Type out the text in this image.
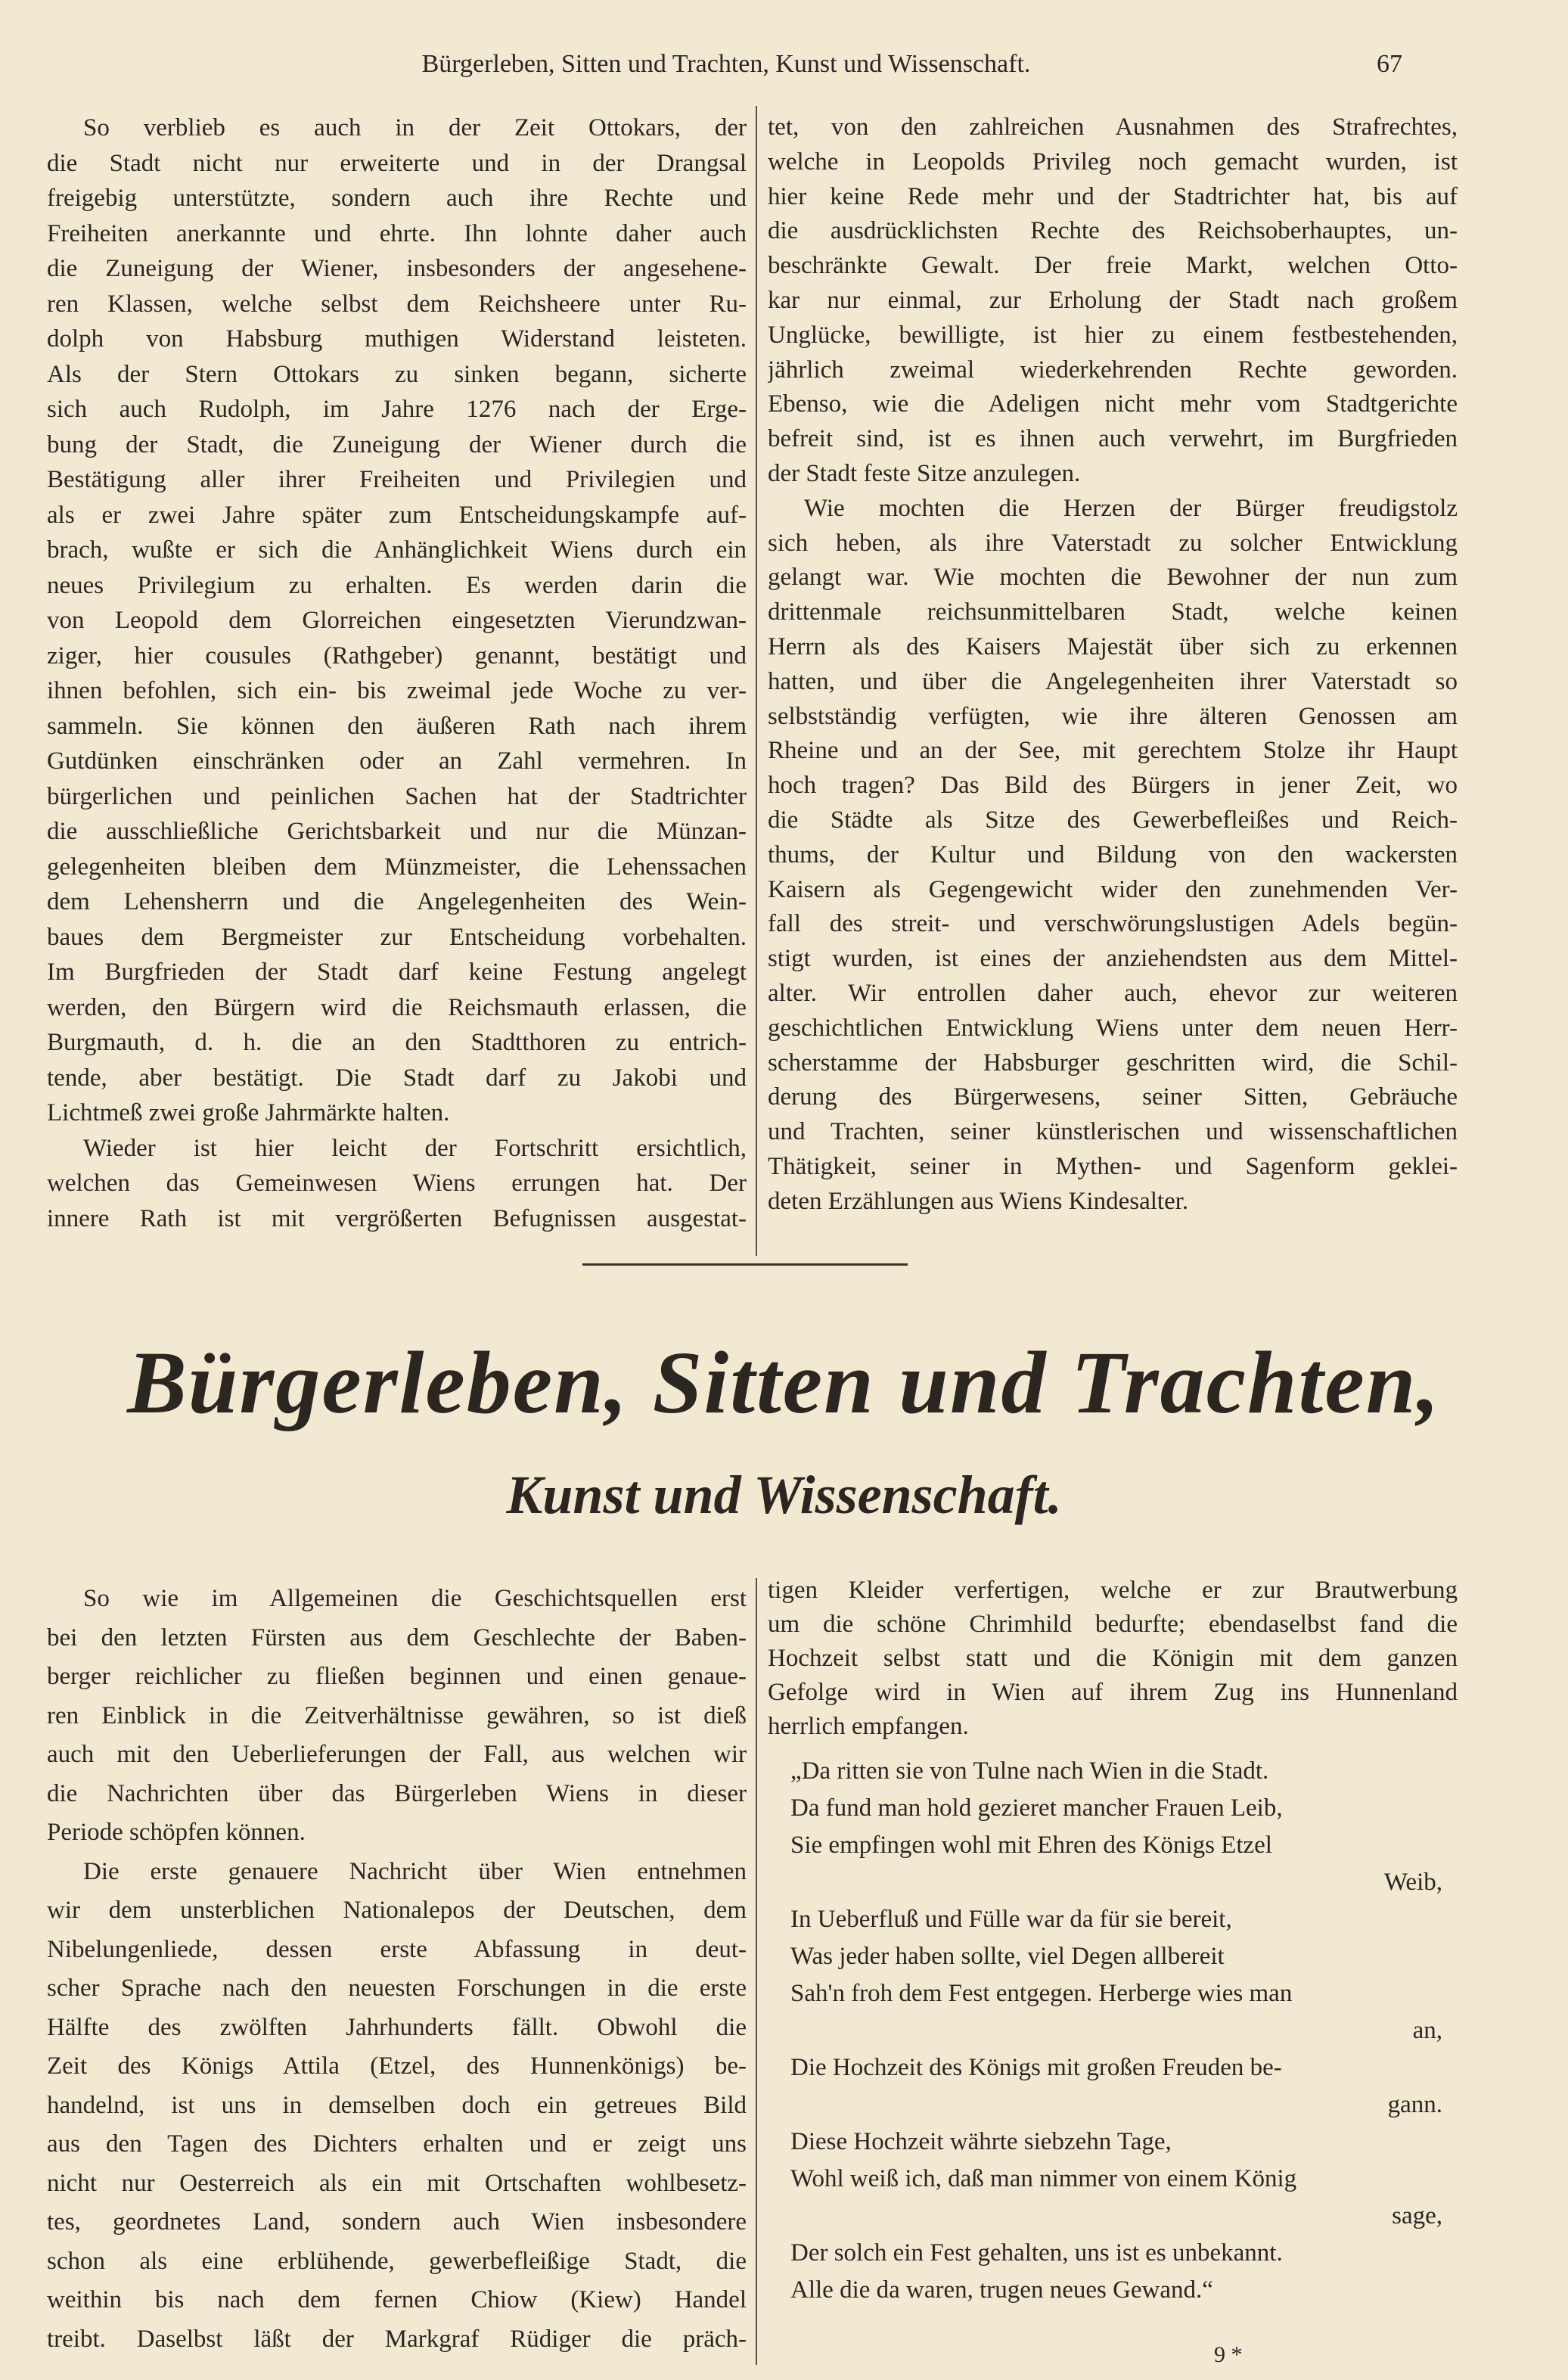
Bürgerleben, Sitten und Trachten, Kunst und Wissenschaft.	67
So verblieb es auch in der Zeit Ottokars, der
die Stadt nicht nur erweiterte und in der Drangsal
freigebig unterstützte, sondern auch ihre Rechte und
Freiheiten anerkannte und ehrte. Ihn lohnte daher auch
die Zuneigung der Wiener, insbesonders der angesehene-
ren Klassen, welche selbst dem Reichsheere unter Ru-
dolph von Habsburg muthigen Widerstand leisteten.
Als der Stern Ottokars zu sinken begann, sicherte
sich auch Rudolph, im Jahre 1276 nach der Erge-
bung der Stadt, die Zuneigung der Wiener durch die
Bestätigung aller ihrer Freiheiten und Privilegien und
als er zwei Jahre später zum Entscheidungskampfe auf-
brach, wußte er sich die Anhänglichkeit Wiens durch ein
neues Privilegium zu erhalten. Es werden darin die
von Leopold dem Glorreichen eingesetzten Vierundzwan-
ziger, hier cousules (Rathgeber) genannt, bestätigt und
ihnen befohlen, sich ein- bis zweimal jede Woche zu ver-
sammeln. Sie können den äußeren Rath nach ihrem
Gutdünken einschränken oder an Zahl vermehren. In
bürgerlichen und peinlichen Sachen hat der Stadtrichter
die ausschließliche Gerichtsbarkeit und nur die Münzan-
gelegenheiten bleiben dem Münzmeister, die Lehenssachen
dem Lehensherrn und die Angelegenheiten des Wein-
baues dem Bergmeister zur Entscheidung vorbehalten.
Im Burgfrieden der Stadt darf keine Festung angelegt
werden, den Bürgern wird die Reichsmauth erlassen, die
Burgmauth, d. h. die an den Stadtthoren zu entrich-
tende, aber bestätigt. Die Stadt darf zu Jakobi und
Lichtmeß zwei große Jahrmärkte halten.
Wieder ist hier leicht der Fortschritt ersichtlich,
welchen das Gemeinwesen Wiens errungen hat. Der
innere Rath ist mit vergrößerten Befugnissen ausgestat-
tet, von den zahlreichen Ausnahmen des Strafrechtes,
welche in Leopolds Privileg noch gemacht wurden, ist
hier keine Rede mehr und der Stadtrichter hat, bis auf
die ausdrücklichsten Rechte des Reichsoberhauptes, un-
beschränkte Gewalt. Der freie Markt, welchen Otto-
kar nur einmal, zur Erholung der Stadt nach großem
Unglücke, bewilligte, ist hier zu einem festbestehenden,
jährlich zweimal wiederkehrenden Rechte geworden.
Ebenso, wie die Adeligen nicht mehr vom Stadtgerichte
befreit sind, ist es ihnen auch verwehrt, im Burgfrieden
der Stadt feste Sitze anzulegen.
Wie mochten die Herzen der Bürger freudigstolz
sich heben, als ihre Vaterstadt zu solcher Entwicklung
gelangt war. Wie mochten die Bewohner der nun zum
drittenmale reichsunmittelbaren Stadt, welche keinen
Herrn als des Kaisers Majestät über sich zu erkennen
hatten, und über die Angelegenheiten ihrer Vaterstadt so
selbstständig verfügten, wie ihre älteren Genossen am
Rheine und an der See, mit gerechtem Stolze ihr Haupt
hoch tragen? Das Bild des Bürgers in jener Zeit, wo
die Städte als Sitze des Gewerbefleißes und Reich-
thums, der Kultur und Bildung von den wackersten
Kaisern als Gegengewicht wider den zunehmenden Ver-
fall des streit- und verschwörungslustigen Adels begün-
stigt wurden, ist eines der anziehendsten aus dem Mittel-
alter. Wir entrollen daher auch, ehevor zur weiteren
geschichtlichen Entwicklung Wiens unter dem neuen Herr-
scherstamme der Habsburger geschritten wird, die Schil-
derung des Bürgerwesens, seiner Sitten, Gebräuche
und Trachten, seiner künstlerischen und wissenschaftlichen
Thätigkeit, seiner in Mythen- und Sagenform geklei-
deten Erzählungen aus Wiens Kindesalter.
Bürgerleben, Sitten und Trachten,
Kunst und Wissenschaft.
So wie im Allgemeinen die Geschichtsquellen erst
bei den letzten Fürsten aus dem Geschlechte der Baben-
berger reichlicher zu fließen beginnen und einen genaue-
ren Einblick in die Zeitverhältnisse gewähren, so ist dieß
auch mit den Ueberlieferungen der Fall, aus welchen wir
die Nachrichten über das Bürgerleben Wiens in dieser
Periode schöpfen können.
Die erste genauere Nachricht über Wien entnehmen
wir dem unsterblichen Nationalepos der Deutschen, dem
Nibelungenliede, dessen erste Abfassung in deut-
scher Sprache nach den neuesten Forschungen in die erste
Hälfte des zwölften Jahrhunderts fällt. Obwohl die
Zeit des Königs Attila (Etzel, des Hunnenkönigs) be-
handelnd, ist uns in demselben doch ein getreues Bild
aus den Tagen des Dichters erhalten und er zeigt uns
nicht nur Oesterreich als ein mit Ortschaften wohlbesetz-
tes, geordnetes Land, sondern auch Wien insbesondere
schon als eine erblühende, gewerbefleißige Stadt, die
weithin bis nach dem fernen Chiow (Kiew) Handel
treibt. Daselbst läßt der Markgraf Rüdiger die präch-
tigen Kleider verfertigen, welche er zur Brautwerbung
um die schöne Chrimhild bedurfte; ebendaselbst fand die
Hochzeit selbst statt und die Königin mit dem ganzen
Gefolge wird in Wien auf ihrem Zug ins Hunnenland
herrlich empfangen.
„Da ritten sie von Tulne nach Wien in die Stadt.
Da fund man hold gezieret mancher Frauen Leib,
Sie empfingen wohl mit Ehren des Königs Etzel
Weib,
In Ueberfluß und Fülle war da für sie bereit,
Was jeder haben sollte, viel Degen allbereit
Sah'n froh dem Fest entgegen. Herberge wies man
an,
Die Hochzeit des Königs mit großen Freuden be-
gann.
Diese Hochzeit währte siebzehn Tage,
Wohl weiß ich, daß man nimmer von einem König
sage,
Der solch ein Fest gehalten, uns ist es unbekannt.
Alle die da waren, trugen neues Gewand.“
9 *
